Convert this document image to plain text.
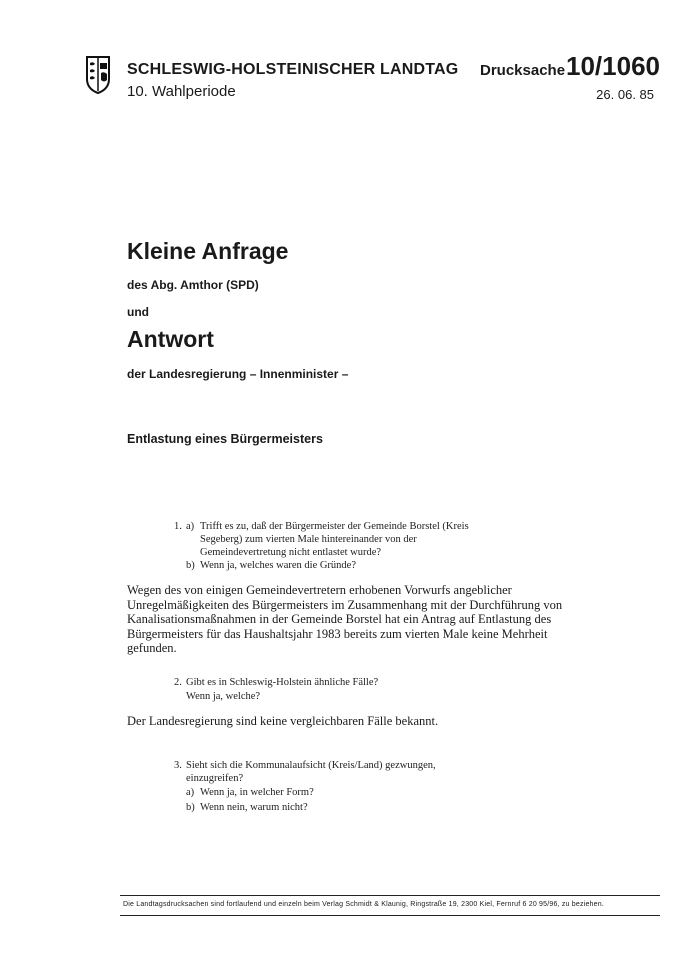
SCHLESWIG-HOLSTEINISCHER LANDTAG
10. Wahlperiode
Drucksache 10/1060
26. 06. 85
Kleine Anfrage
des Abg. Amthor (SPD)
und
Antwort
der Landesregierung – Innenminister –
Entlastung eines Bürgermeisters
1. a) Trifft es zu, daß der Bürgermeister der Gemeinde Borstel (Kreis Segeberg) zum vierten Male hintereinander von der Gemeindevertretung nicht entlastet wurde?
b) Wenn ja, welches waren die Gründe?
Wegen des von einigen Gemeindevertretern erhobenen Vorwurfs angeblicher Unregelmäßigkeiten des Bürgermeisters im Zusammenhang mit der Durchführung von Kanalisationsmaßnahmen in der Gemeinde Borstel hat ein Antrag auf Entlastung des Bürgermeisters für das Haushaltsjahr 1983 bereits zum vierten Male keine Mehrheit gefunden.
2. Gibt es in Schleswig-Holstein ähnliche Fälle?
Wenn ja, welche?
Der Landesregierung sind keine vergleichbaren Fälle bekannt.
3. Sieht sich die Kommunalaufsicht (Kreis/Land) gezwungen, einzugreifen?
a) Wenn ja, in welcher Form?
b) Wenn nein, warum nicht?
Die Landtagsdrucksachen sind fortlaufend und einzeln beim Verlag Schmidt & Klaunig, Ringstraße 19, 2300 Kiel, Fernruf 6 20 95/96, zu beziehen.
